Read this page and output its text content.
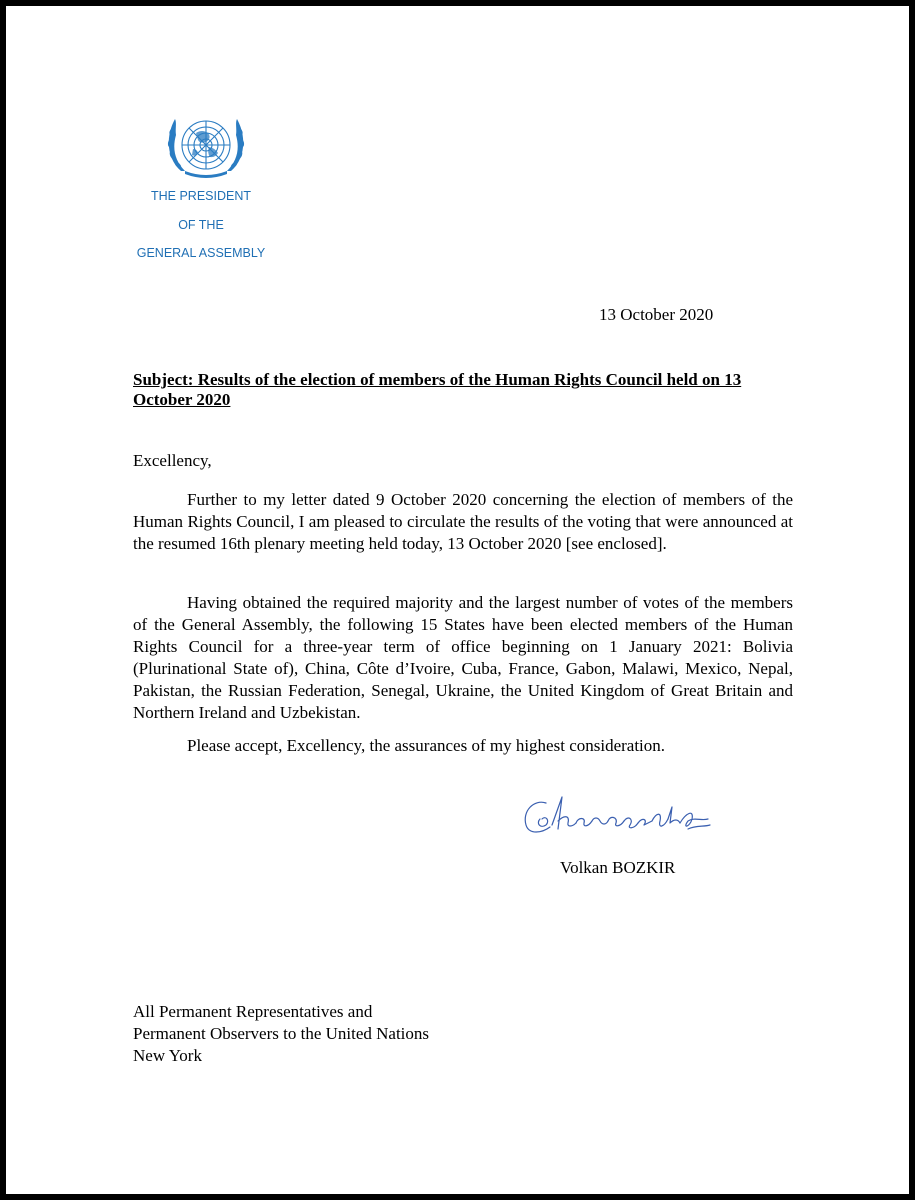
THE PRESIDENT
OF THE
GENERAL ASSEMBLY
13 October 2020
Subject: Results of the election of members of the Human Rights Council held on 13 October 2020
Excellency,

Further to my letter dated 9 October 2020 concerning the election of members of the Human Rights Council, I am pleased to circulate the results of the voting that were announced at the resumed 16th plenary meeting held today, 13 October 2020 [see enclosed].

Having obtained the required majority and the largest number of votes of the members of the General Assembly, the following 15 States have been elected members of the Human Rights Council for a three-year term of office beginning on 1 January 2021: Bolivia (Plurinational State of), China, Côte d’Ivoire, Cuba, France, Gabon, Malawi, Mexico, Nepal, Pakistan, the Russian Federation, Senegal, Ukraine, the United Kingdom of Great Britain and Northern Ireland and Uzbekistan.

Please accept, Excellency, the assurances of my highest consideration.
Volkan BOZKIR
All Permanent Representatives and
Permanent Observers to the United Nations
New York
